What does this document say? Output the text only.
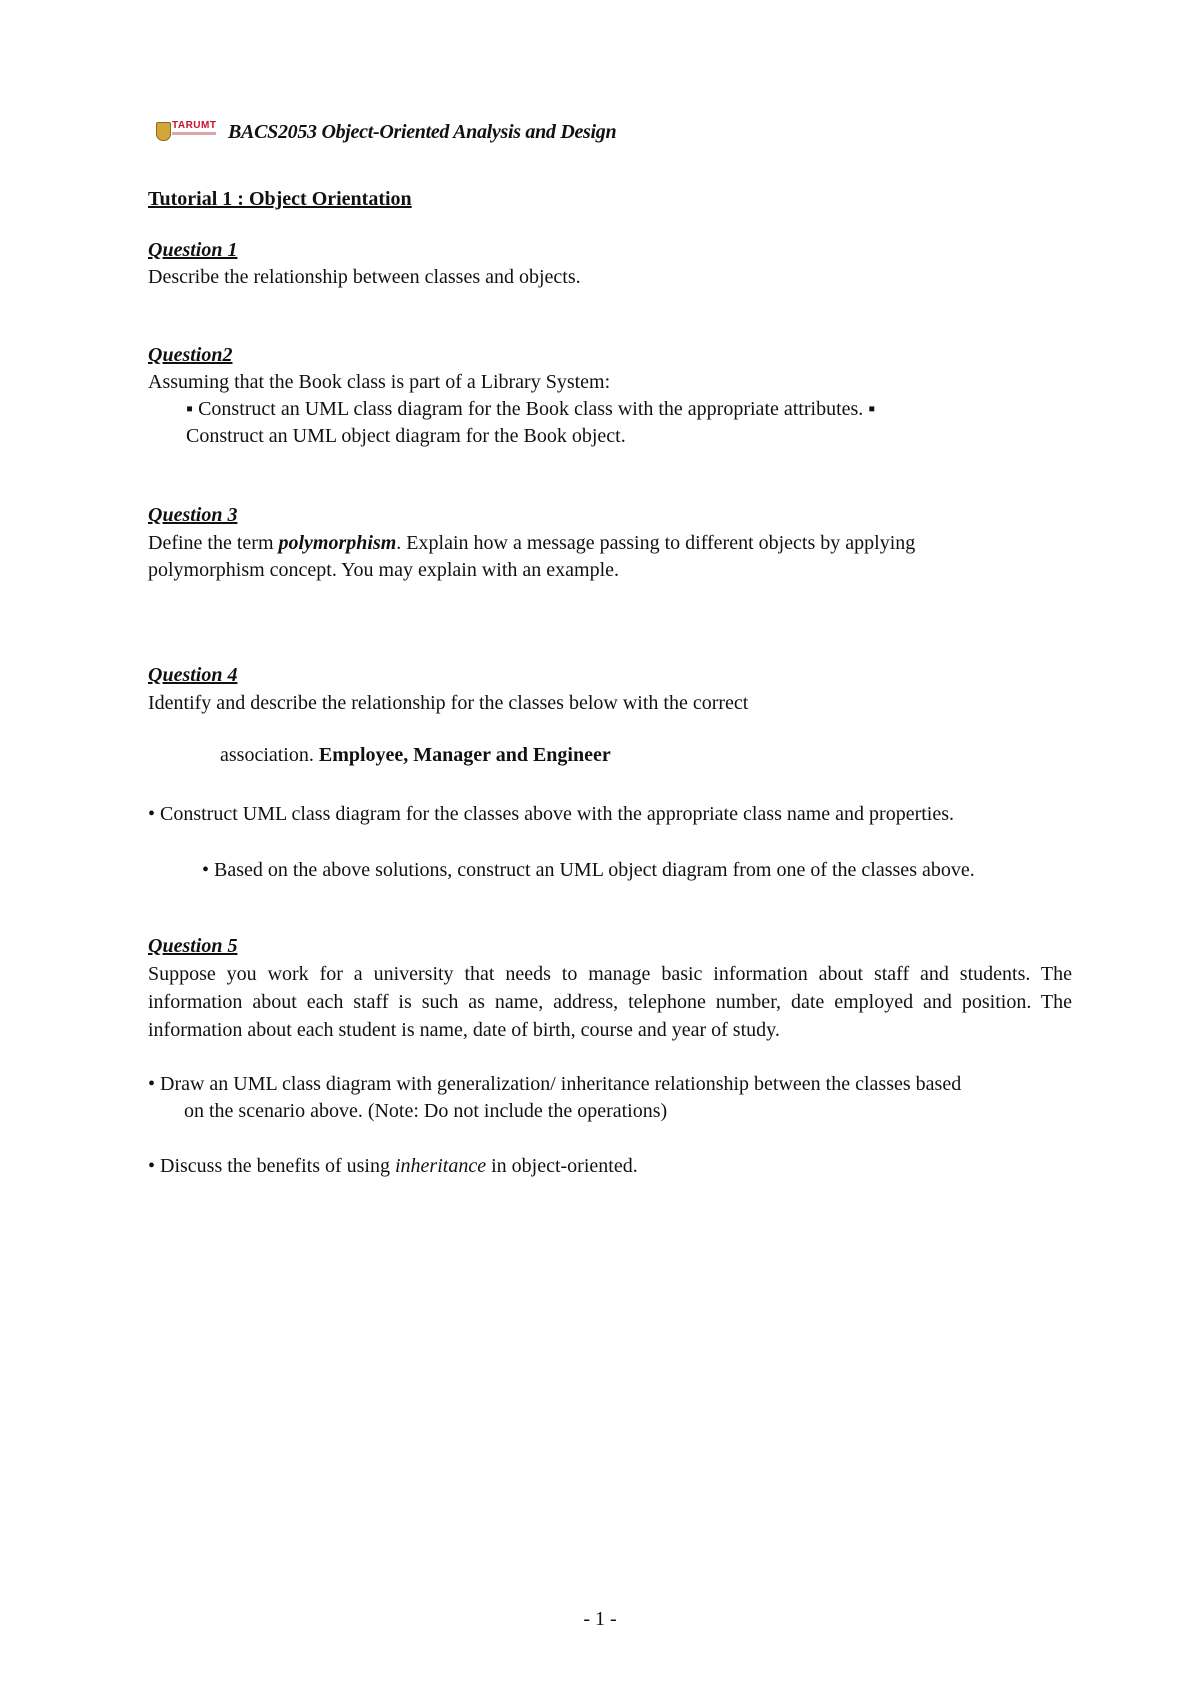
TARUMT BACS2053 Object-Oriented Analysis and Design
Tutorial 1 : Object Orientation
Question 1
Describe the relationship between classes and objects.
Question2
Assuming that the Book class is part of a Library System:
▪ Construct an UML class diagram for the Book class with the appropriate attributes. ▪
Construct an UML object diagram for the Book object.
Question 3
Define the term polymorphism. Explain how a message passing to different objects by applying
polymorphism concept. You may explain with an example.
Question 4
Identify and describe the relationship for the classes below with the correct
association. Employee, Manager and Engineer
• Construct UML class diagram for the classes above with the appropriate class name and properties.
• Based on the above solutions, construct an UML object diagram from one of the classes above.
Question 5
Suppose you work for a university that needs to manage basic information about staff and students. The information about each staff is such as name, address, telephone number, date employed and position. The information about each student is name, date of birth, course and year of study.
• Draw an UML class diagram with generalization/ inheritance relationship between the classes based
on the scenario above. (Note: Do not include the operations)
• Discuss the benefits of using inheritance in object-oriented.
- 1 -
